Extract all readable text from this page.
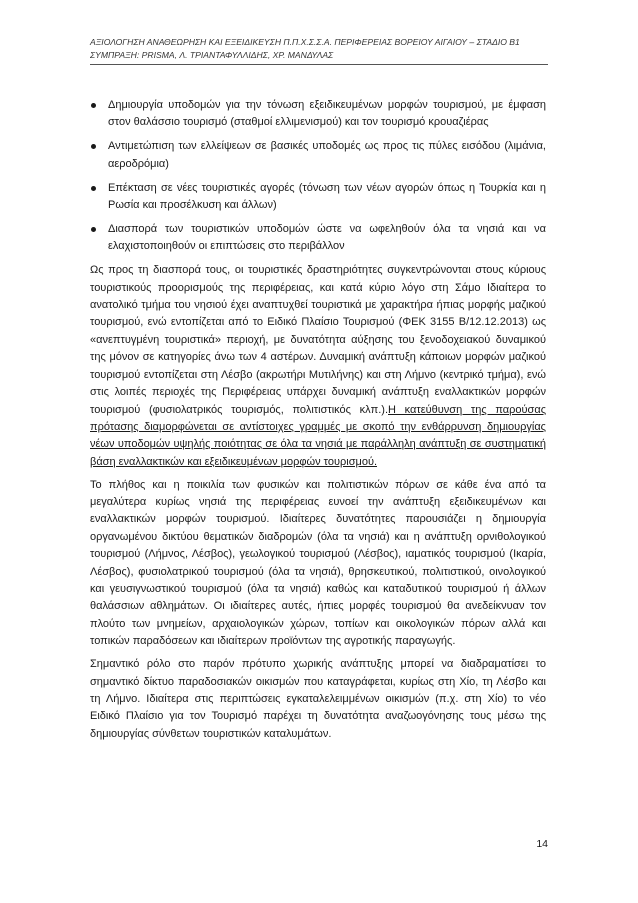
ΑΞΙΟΛΟΓΗΣΗ ΑΝΑΘΕΩΡΗΣΗ ΚΑΙ ΕΞΕΙΔΙΚΕΥΣΗ Π.Π.Χ.Σ.Σ.Α. ΠΕΡΙΦΕΡΕΙΑΣ ΒΟΡΕΙΟΥ ΑΙΓΑΙΟΥ – ΣΤΑΔΙΟ Β1
ΣΥΜΠΡΑΞΗ: PRISMA, Λ. ΤΡΙΑΝΤΑΦΥΛΛΙΔΗΣ, ΧΡ. ΜΑΝΔΥΛΑΣ
Δημιουργία υποδομών για την τόνωση εξειδικευμένων μορφών τουρισμού, με έμφαση στον θαλάσσιο τουρισμό (σταθμοί ελλιμενισμού) και τον τουρισμό κρουαζιέρας
Αντιμετώπιση των ελλείψεων σε βασικές υποδομές ως προς τις πύλες εισόδου (λιμάνια, αεροδρόμια)
Επέκταση σε νέες τουριστικές αγορές (τόνωση των νέων αγορών όπως η Τουρκία και η Ρωσία και προσέλκυση και άλλων)
Διασπορά των τουριστικών υποδομών ώστε να ωφεληθούν όλα τα νησιά και να ελαχιστοποιηθούν οι επιπτώσεις στο περιβάλλον

Ως προς τη διασπορά τους, οι τουριστικές δραστηριότητες συγκεντρώνονται στους κύριους τουριστικούς προορισμούς της περιφέρειας, και κατά κύριο λόγο στη Σάμο Ιδιαίτερα το ανατολικό τμήμα του νησιού έχει αναπτυχθεί τουριστικά με χαρακτήρα ήπιας μορφής μαζικού τουρισμού, ενώ εντοπίζεται από το Ειδικό Πλαίσιο Τουρισμού (ΦΕΚ 3155 Β/12.12.2013) ως «ανεπτυγμένη τουριστικά» περιοχή, με δυνατότητα αύξησης του ξενοδοχειακού δυναμικού της μόνον σε κατηγορίες άνω των 4 αστέρων. Δυναμική ανάπτυξη κάποιων μορφών μαζικού τουρισμού εντοπίζεται στη Λέσβο (ακρωτήρι Μυτιλήνης) και στη Λήμνο (κεντρικό τμήμα), ενώ στις λοιπές περιοχές της Περιφέρειας υπάρχει δυναμική ανάπτυξη εναλλακτικών μορφών τουρισμού (φυσιολατρικός τουρισμός, πολιτιστικός κλπ.).Η κατεύθυνση της παρούσας πρότασης διαμορφώνεται σε αντίστοιχες γραμμές με σκοπό την ενθάρρυνση δημιουργίας νέων υποδομών υψηλής ποιότητας σε όλα τα νησιά με παράλληλη ανάπτυξη σε συστηματική βάση εναλλακτικών και εξειδικευμένων μορφών τουρισμού.

Το πλήθος και η ποικιλία των φυσικών και πολιτιστικών πόρων σε κάθε ένα από τα μεγαλύτερα κυρίως νησιά της περιφέρειας ευνοεί την ανάπτυξη εξειδικευμένων και εναλλακτικών μορφών τουρισμού. Ιδιαίτερες δυνατότητες παρουσιάζει η δημιουργία οργανωμένου δικτύου θεματικών διαδρομών (όλα τα νησιά) και η ανάπτυξη ορνιθολογικού τουρισμού (Λήμνος, Λέσβος), γεωλογικού τουρισμού (Λέσβος), ιαματικός τουρισμού (Ικαρία, Λέσβος), φυσιολατρικού τουρισμού (όλα τα νησιά), θρησκευτικού, πολιτιστικού, οινολογικού και γευσιγνωστικού τουρισμού (όλα τα νησιά) καθώς και καταδυτικού τουρισμού ή άλλων θαλάσσιων αθλημάτων. Οι ιδιαίτερες αυτές, ήπιες μορφές τουρισμού θα ανεδείκνυαν τον πλούτο των μνημείων, αρχαιολογικών χώρων, τοπίων και οικολογικών πόρων αλλά και τοπικών παραδόσεων και ιδιαίτερων προϊόντων της αγροτικής παραγωγής.

Σημαντικό ρόλο στο παρόν πρότυπο χωρικής ανάπτυξης μπορεί να διαδραματίσει το σημαντικό δίκτυο παραδοσιακών οικισμών που καταγράφεται, κυρίως στη Χίο, τη Λέσβο και τη Λήμνο. Ιδιαίτερα στις περιπτώσεις εγκαταλελειμμένων οικισμών (π.χ. στη Χίο) το νέο Ειδικό Πλαίσιο για τον Τουρισμό παρέχει τη δυνατότητα αναζωογόνησης τους μέσω της δημιουργίας σύνθετων τουριστικών καταλυμάτων.

14
